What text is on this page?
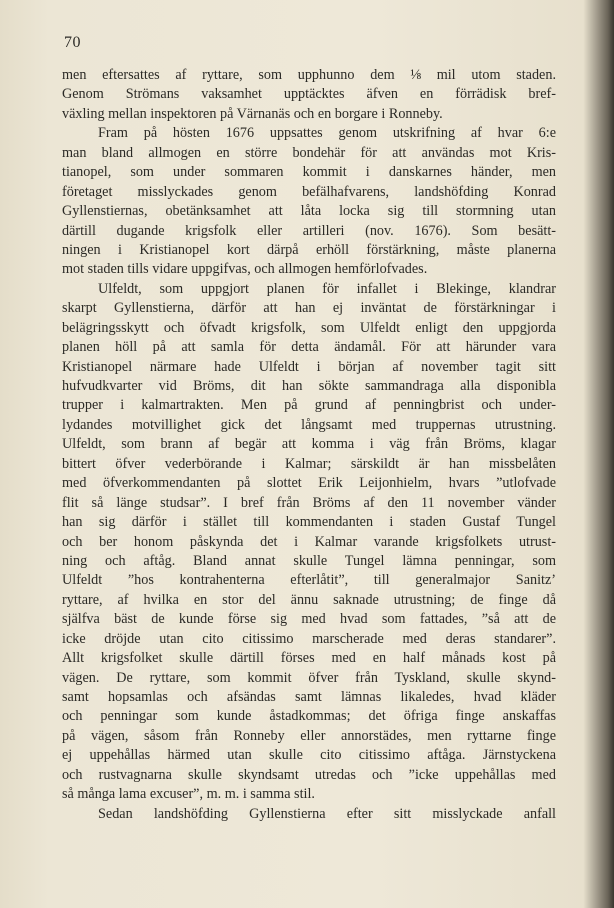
70
men eftersattes af ryttare, som upphunno dem ⅛ mil utom staden.
Genom Strömans vaksamhet upptäcktes äfven en förrädisk bref-
växling mellan inspektoren på Värnanäs och en borgare i Ronneby.
Fram på hösten 1676 uppsattes genom utskrifning af hvar 6:e
man bland allmogen en större bondehär för att användas mot Kris-
tianopel, som under sommaren kommit i danskarnes händer, men
företaget misslyckades genom befälhafvarens, landshöfding Konrad
Gyllenstiernas, obetänksamhet att låta locka sig till stormning utan
därtill dugande krigsfolk eller artilleri (nov. 1676). Som besätt-
ningen i Kristianopel kort därpå erhöll förstärkning, måste planerna
mot staden tills vidare uppgifvas, och allmogen hemförlofvades.
Ulfeldt, som uppgjort planen för infallet i Blekinge, klandrar
skarpt Gyllenstierna, därför att han ej inväntat de förstärkningar i
belägringsskytt och öfvadt krigsfolk, som Ulfeldt enligt den uppgjorda
planen höll på att samla för detta ändamål. För att härunder vara
Kristianopel närmare hade Ulfeldt i början af november tagit sitt
hufvudkvarter vid Bröms, dit han sökte sammandraga alla disponibla
trupper i kalmartrakten. Men på grund af penningbrist och under-
lydandes motvillighet gick det långsamt med truppernas utrustning.
Ulfeldt, som brann af begär att komma i väg från Bröms, klagar
bittert öfver vederbörande i Kalmar; särskildt är han missbelåten
med öfverkommendanten på slottet Erik Leijonhielm, hvars ”utlofvade
flit så länge studsar”. I bref från Bröms af den 11 november vänder
han sig därför i stället till kommendanten i staden Gustaf Tungel
och ber honom påskynda det i Kalmar varande krigsfolkets utrust-
ning och aftåg. Bland annat skulle Tungel lämna penningar, som
Ulfeldt ”hos kontrahenterna efterlåtit”, till generalmajor Sanitz’
ryttare, af hvilka en stor del ännu saknade utrustning; de finge då
själfva bäst de kunde förse sig med hvad som fattades, ”så att de
icke dröjde utan cito citissimo marscherade med deras standarer”.
Allt krigsfolket skulle därtill förses med en half månads kost på
vägen. De ryttare, som kommit öfver från Tyskland, skulle skynd-
samt hopsamlas och afsändas samt lämnas likaledes, hvad kläder
och penningar som kunde åstadkommas; det öfriga finge anskaffas
på vägen, såsom från Ronneby eller annorstädes, men ryttarne finge
ej uppehållas härmed utan skulle cito citissimo aftåga. Järnstyckena
och rustvagnarna skulle skyndsamt utredas och ”icke uppehållas med
så många lama excuser”, m. m. i samma stil.
Sedan landshöfding Gyllenstierna efter sitt misslyckade anfall
